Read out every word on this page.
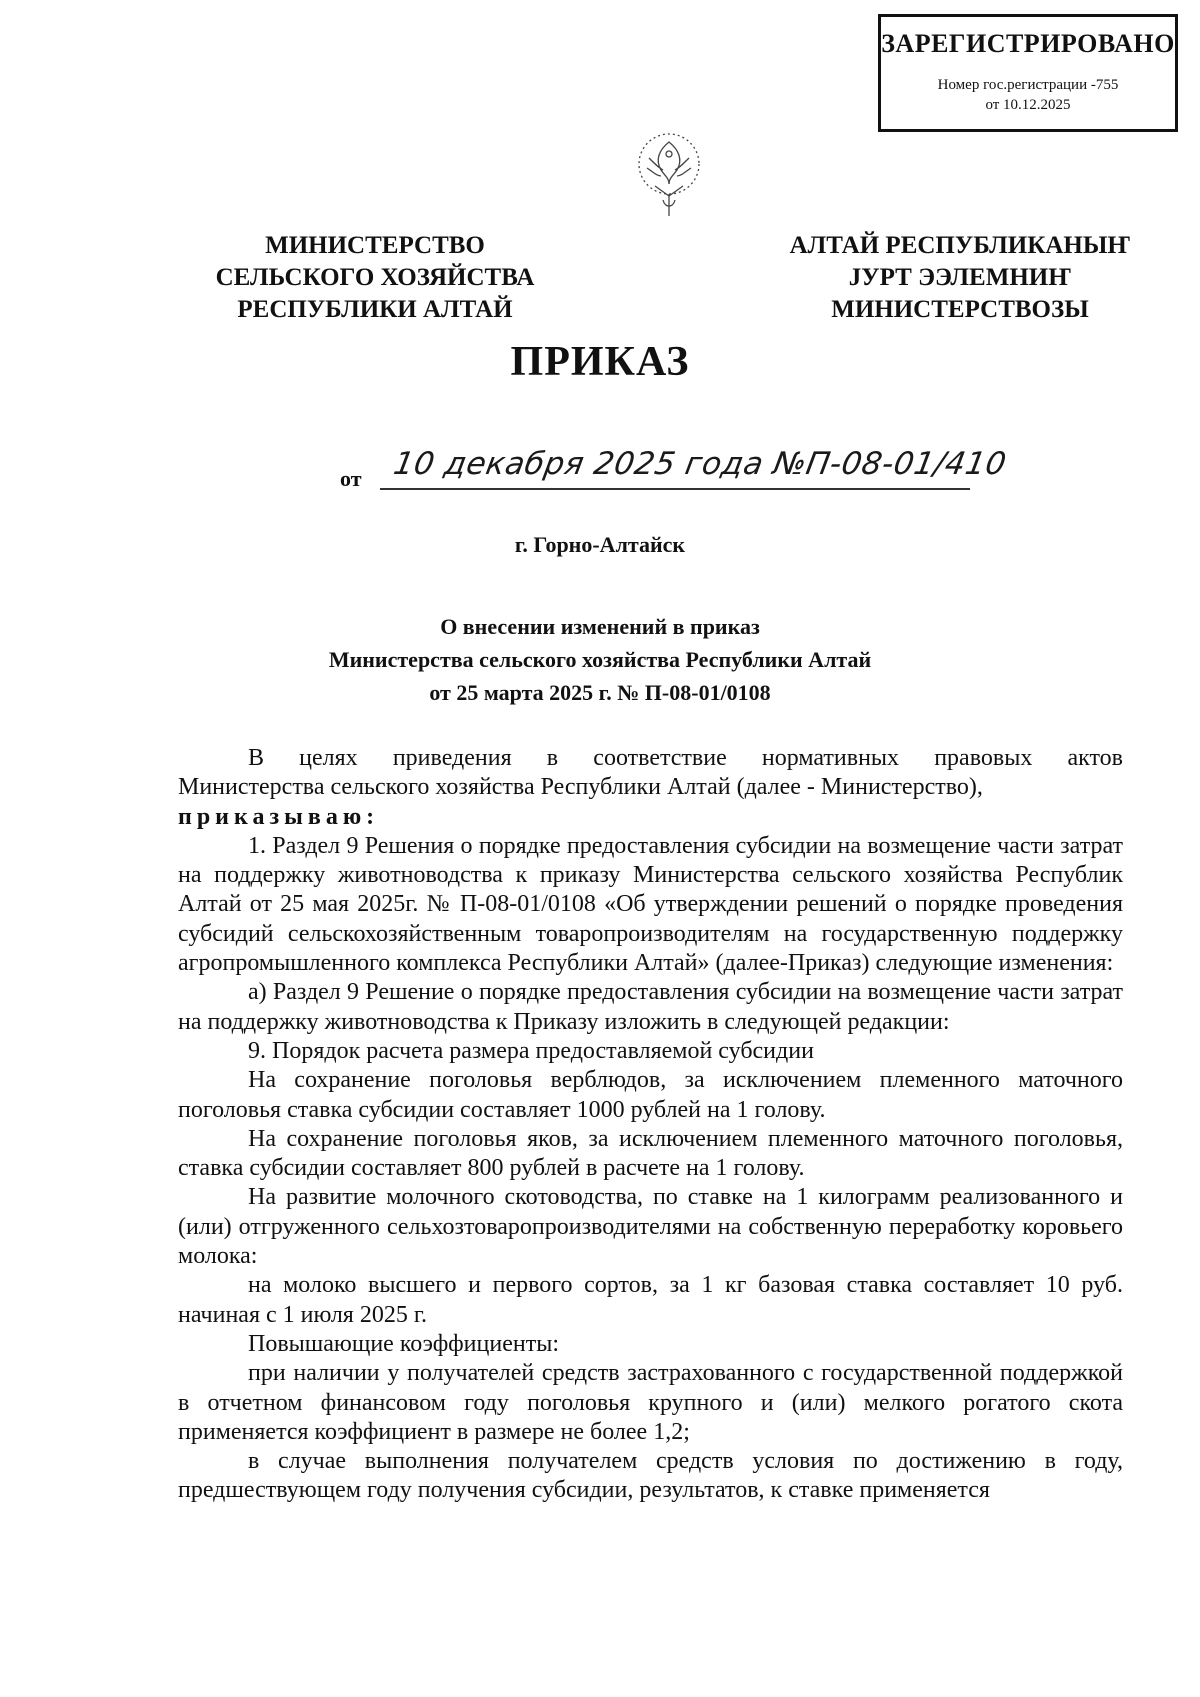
ЗАРЕГИСТРИРОВАНО
Номер гос.регистрации -755
от 10.12.2025
МИНИСТЕРСТВО
СЕЛЬСКОГО ХОЗЯЙСТВА
РЕСПУБЛИКИ АЛТАЙ
АЛТАЙ РЕСПУБЛИКАНЫҤ
ЈУРТ ЭЭЛЕМНИҤ
МИНИСТЕРСТВОЗЫ
ПРИКАЗ
от 10 декабря 2025 года №П-08-01/410
г. Горно-Алтайск
О внесении изменений в приказ
Министерства сельского хозяйства Республики Алтай
от 25 марта 2025 г. № П-08-01/0108

В целях приведения в соответствие нормативных правовых актов

Министерства сельского хозяйства Республики Алтай (далее - Министерство),

приказываю:

1. Раздел 9 Решения о порядке предоставления субсидии на возмещение части затрат на поддержку животноводства к приказу Министерства сельского хозяйства Республик Алтай от 25 мая 2025г. № П-08-01/0108 «Об утверждении решений о порядке проведения субсидий сельскохозяйственным товаропроизводителям на государственную поддержку агропромышленного комплекса Республики Алтай» (далее-Приказ) следующие изменения:

а) Раздел 9 Решение о порядке предоставления субсидии на возмещение части затрат на поддержку животноводства к Приказу изложить в следующей редакции:

9. Порядок расчета размера предоставляемой субсидии

На сохранение поголовья верблюдов, за исключением племенного маточного поголовья ставка субсидии составляет 1000 рублей на 1 голову.

На сохранение поголовья яков, за исключением племенного маточного поголовья, ставка субсидии составляет 800 рублей в расчете на 1 голову.

На развитие молочного скотоводства, по ставке на 1 килограмм реализованного и (или) отгруженного сельхозтоваропроизводителями на собственную переработку коровьего молока:

на молоко высшего и первого сортов, за 1 кг базовая ставка составляет 10 руб. начиная с 1 июля 2025 г.

Повышающие коэффициенты:

при наличии у получателей средств застрахованного с государственной поддержкой в отчетном финансовом году поголовья крупного и (или) мелкого рогатого скота применяется коэффициент в размере не более 1,2;

в случае выполнения получателем средств условия по достижению в году, предшествующем году получения субсидии, результатов, к ставке применяется
